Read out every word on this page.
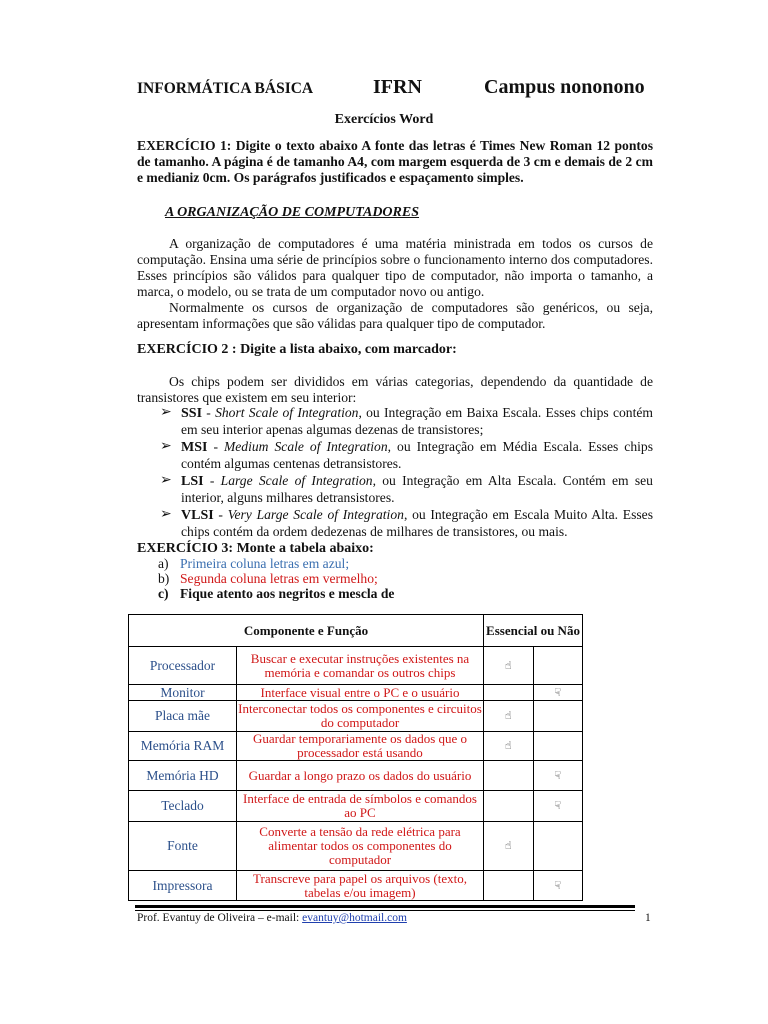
INFORMÁTICA BÁSICA	IFRN	Campus nononono
Exercícios Word
EXERCÍCIO 1: Digite o texto abaixo A fonte das letras é Times New Roman 12 pontos de tamanho. A página é de tamanho A4, com margem esquerda de 3 cm e demais de 2 cm e medianiz 0cm. Os parágrafos justificados e espaçamento simples.
A ORGANIZAÇÃO DE COMPUTADORES
A organização de computadores é uma matéria ministrada em todos os cursos de computação. Ensina uma série de princípios sobre o funcionamento interno dos computadores. Esses princípios são válidos para qualquer tipo de computador, não importa o tamanho, a marca, o modelo, ou se trata de um computador novo ou antigo.
Normalmente os cursos de organização de computadores são genéricos, ou seja, apresentam informações que são válidas para qualquer tipo de computador.
EXERCÍCIO 2 : Digite a lista abaixo, com marcador:
Os chips podem ser divididos em várias categorias, dependendo da quantidade de transistores que existem em seu interior:
➢ SSI - Short Scale of Integration, ou Integração em Baixa Escala. Esses chips contém em seu interior apenas algumas dezenas de transistores;
➢ MSI - Medium Scale of Integration, ou Integração em Média Escala. Esses chips contém algumas centenas detransistores.
➢ LSI - Large Scale of Integration, ou Integração em Alta Escala. Contém em seu interior, alguns milhares detransistores.
➢ VLSI - Very Large Scale of Integration, ou Integração em Escala Muito Alta. Esses chips contém da ordem dedezenas de milhares de transistores, ou mais.
EXERCÍCIO 3: Monte a tabela abaixo:
a) Primeira coluna letras em azul;
b) Segunda coluna letras em vermelho;
c) Fique atento aos negritos e mescla de
Componente e Função		Essencial ou Não	
Processador	Buscar e executar instruções existentes na memória e comandar os outros chips	☝	
Monitor	Interface visual entre o PC e o usuário		☟
Placa mãe	Interconectar todos os componentes e circuitos do computador	☝	
Memória RAM	Guardar temporariamente os dados que o processador está usando	☝	
Memória HD	Guardar a longo prazo os dados do usuário		☟
Teclado	Interface de entrada de símbolos e comandos ao PC		☟
Fonte	Converte a tensão da rede elétrica para alimentar todos os componentes do computador	☝	
Impressora	Transcreve para papel os arquivos (texto, tabelas e/ou imagem)		☟
Prof. Evantuy de Oliveira – e-mail: evantuy@hotmail.com	1
